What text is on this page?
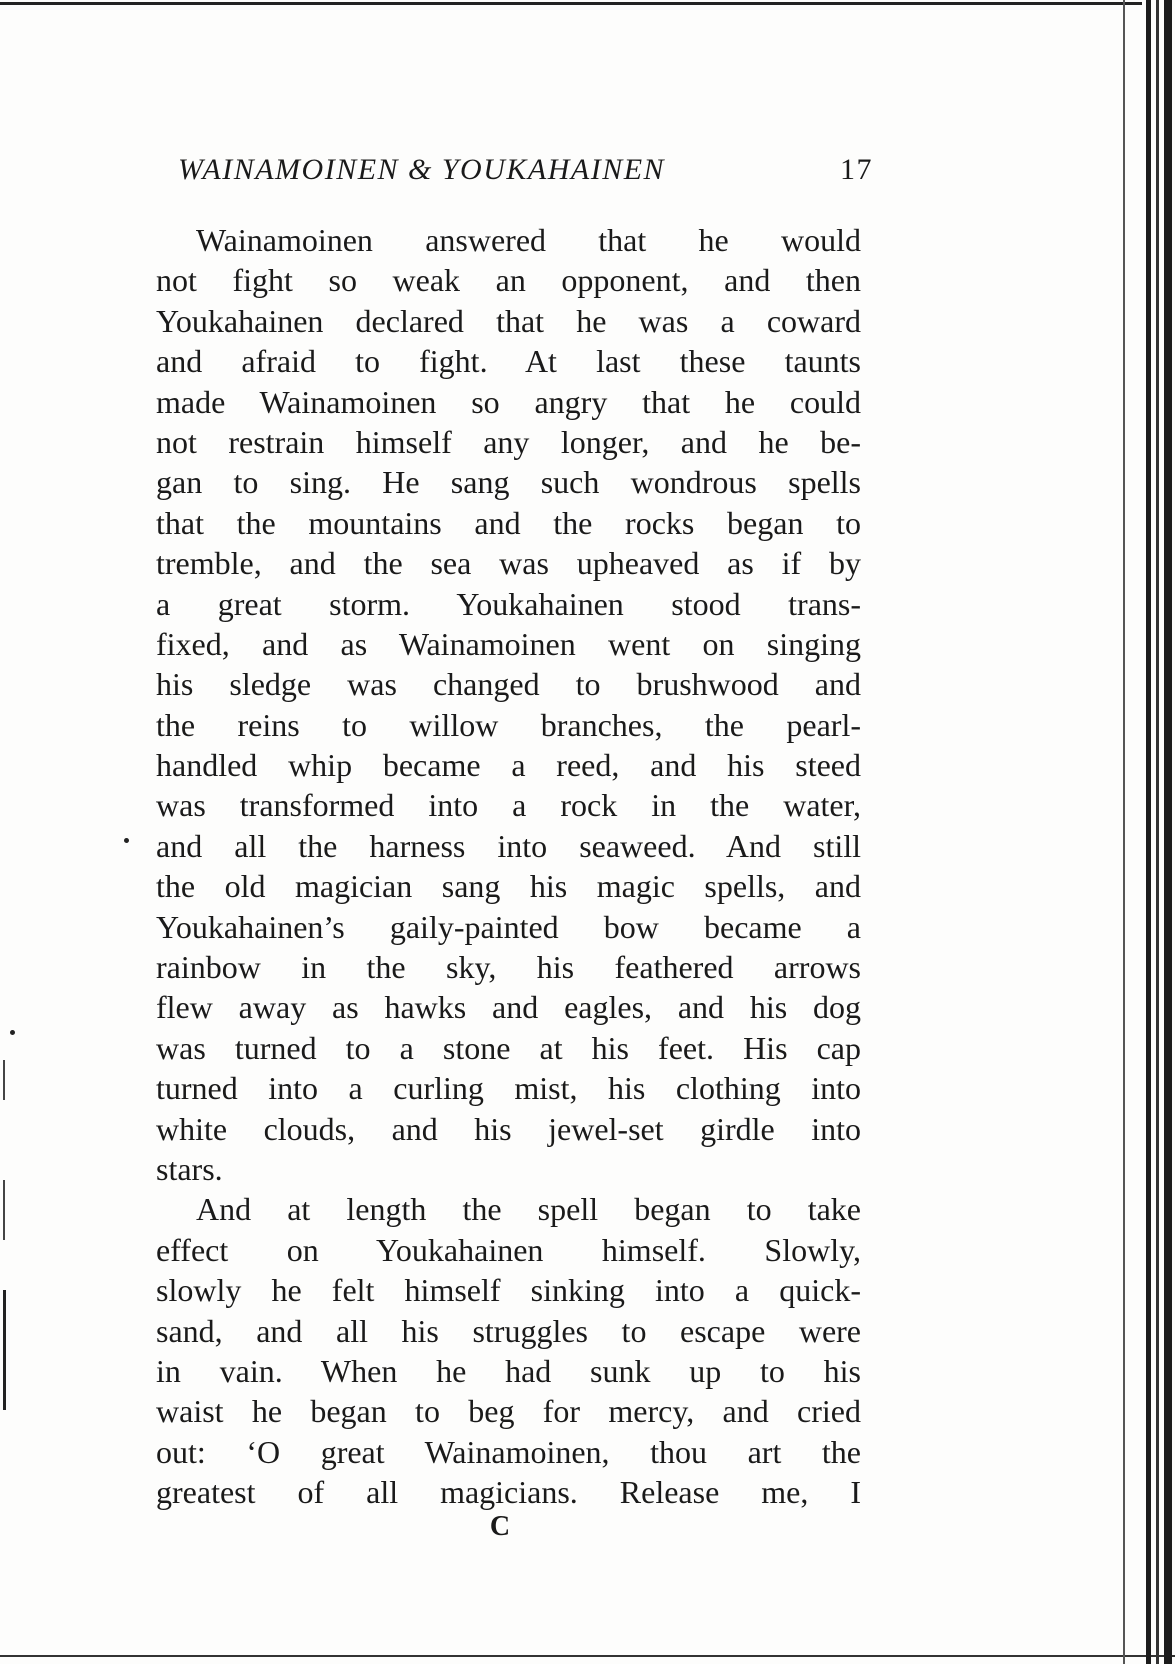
WAINAMOINEN & YOUKAHAINEN	17
Wainamoinen answered that he would
not fight so weak an opponent, and then
Youkahainen declared that he was a coward
and afraid to fight. At last these taunts
made Wainamoinen so angry that he could
not restrain himself any longer, and he be-
gan to sing. He sang such wondrous spells
that the mountains and the rocks began to
tremble, and the sea was upheaved as if by
a great storm. Youkahainen stood trans-
fixed, and as Wainamoinen went on singing
his sledge was changed to brushwood and
the reins to willow branches, the pearl-
handled whip became a reed, and his steed
was transformed into a rock in the water,
and all the harness into seaweed. And still
the old magician sang his magic spells, and
Youkahainen’s gaily-painted bow became a
rainbow in the sky, his feathered arrows
flew away as hawks and eagles, and his dog
was turned to a stone at his feet. His cap
turned into a curling mist, his clothing into
white clouds, and his jewel-set girdle into
stars.
And at length the spell began to take
effect on Youkahainen himself. Slowly,
slowly he felt himself sinking into a quick-
sand, and all his struggles to escape were
in vain. When he had sunk up to his
waist he began to beg for mercy, and cried
out: ‘O great Wainamoinen, thou art the
greatest of all magicians. Release me, I
C
